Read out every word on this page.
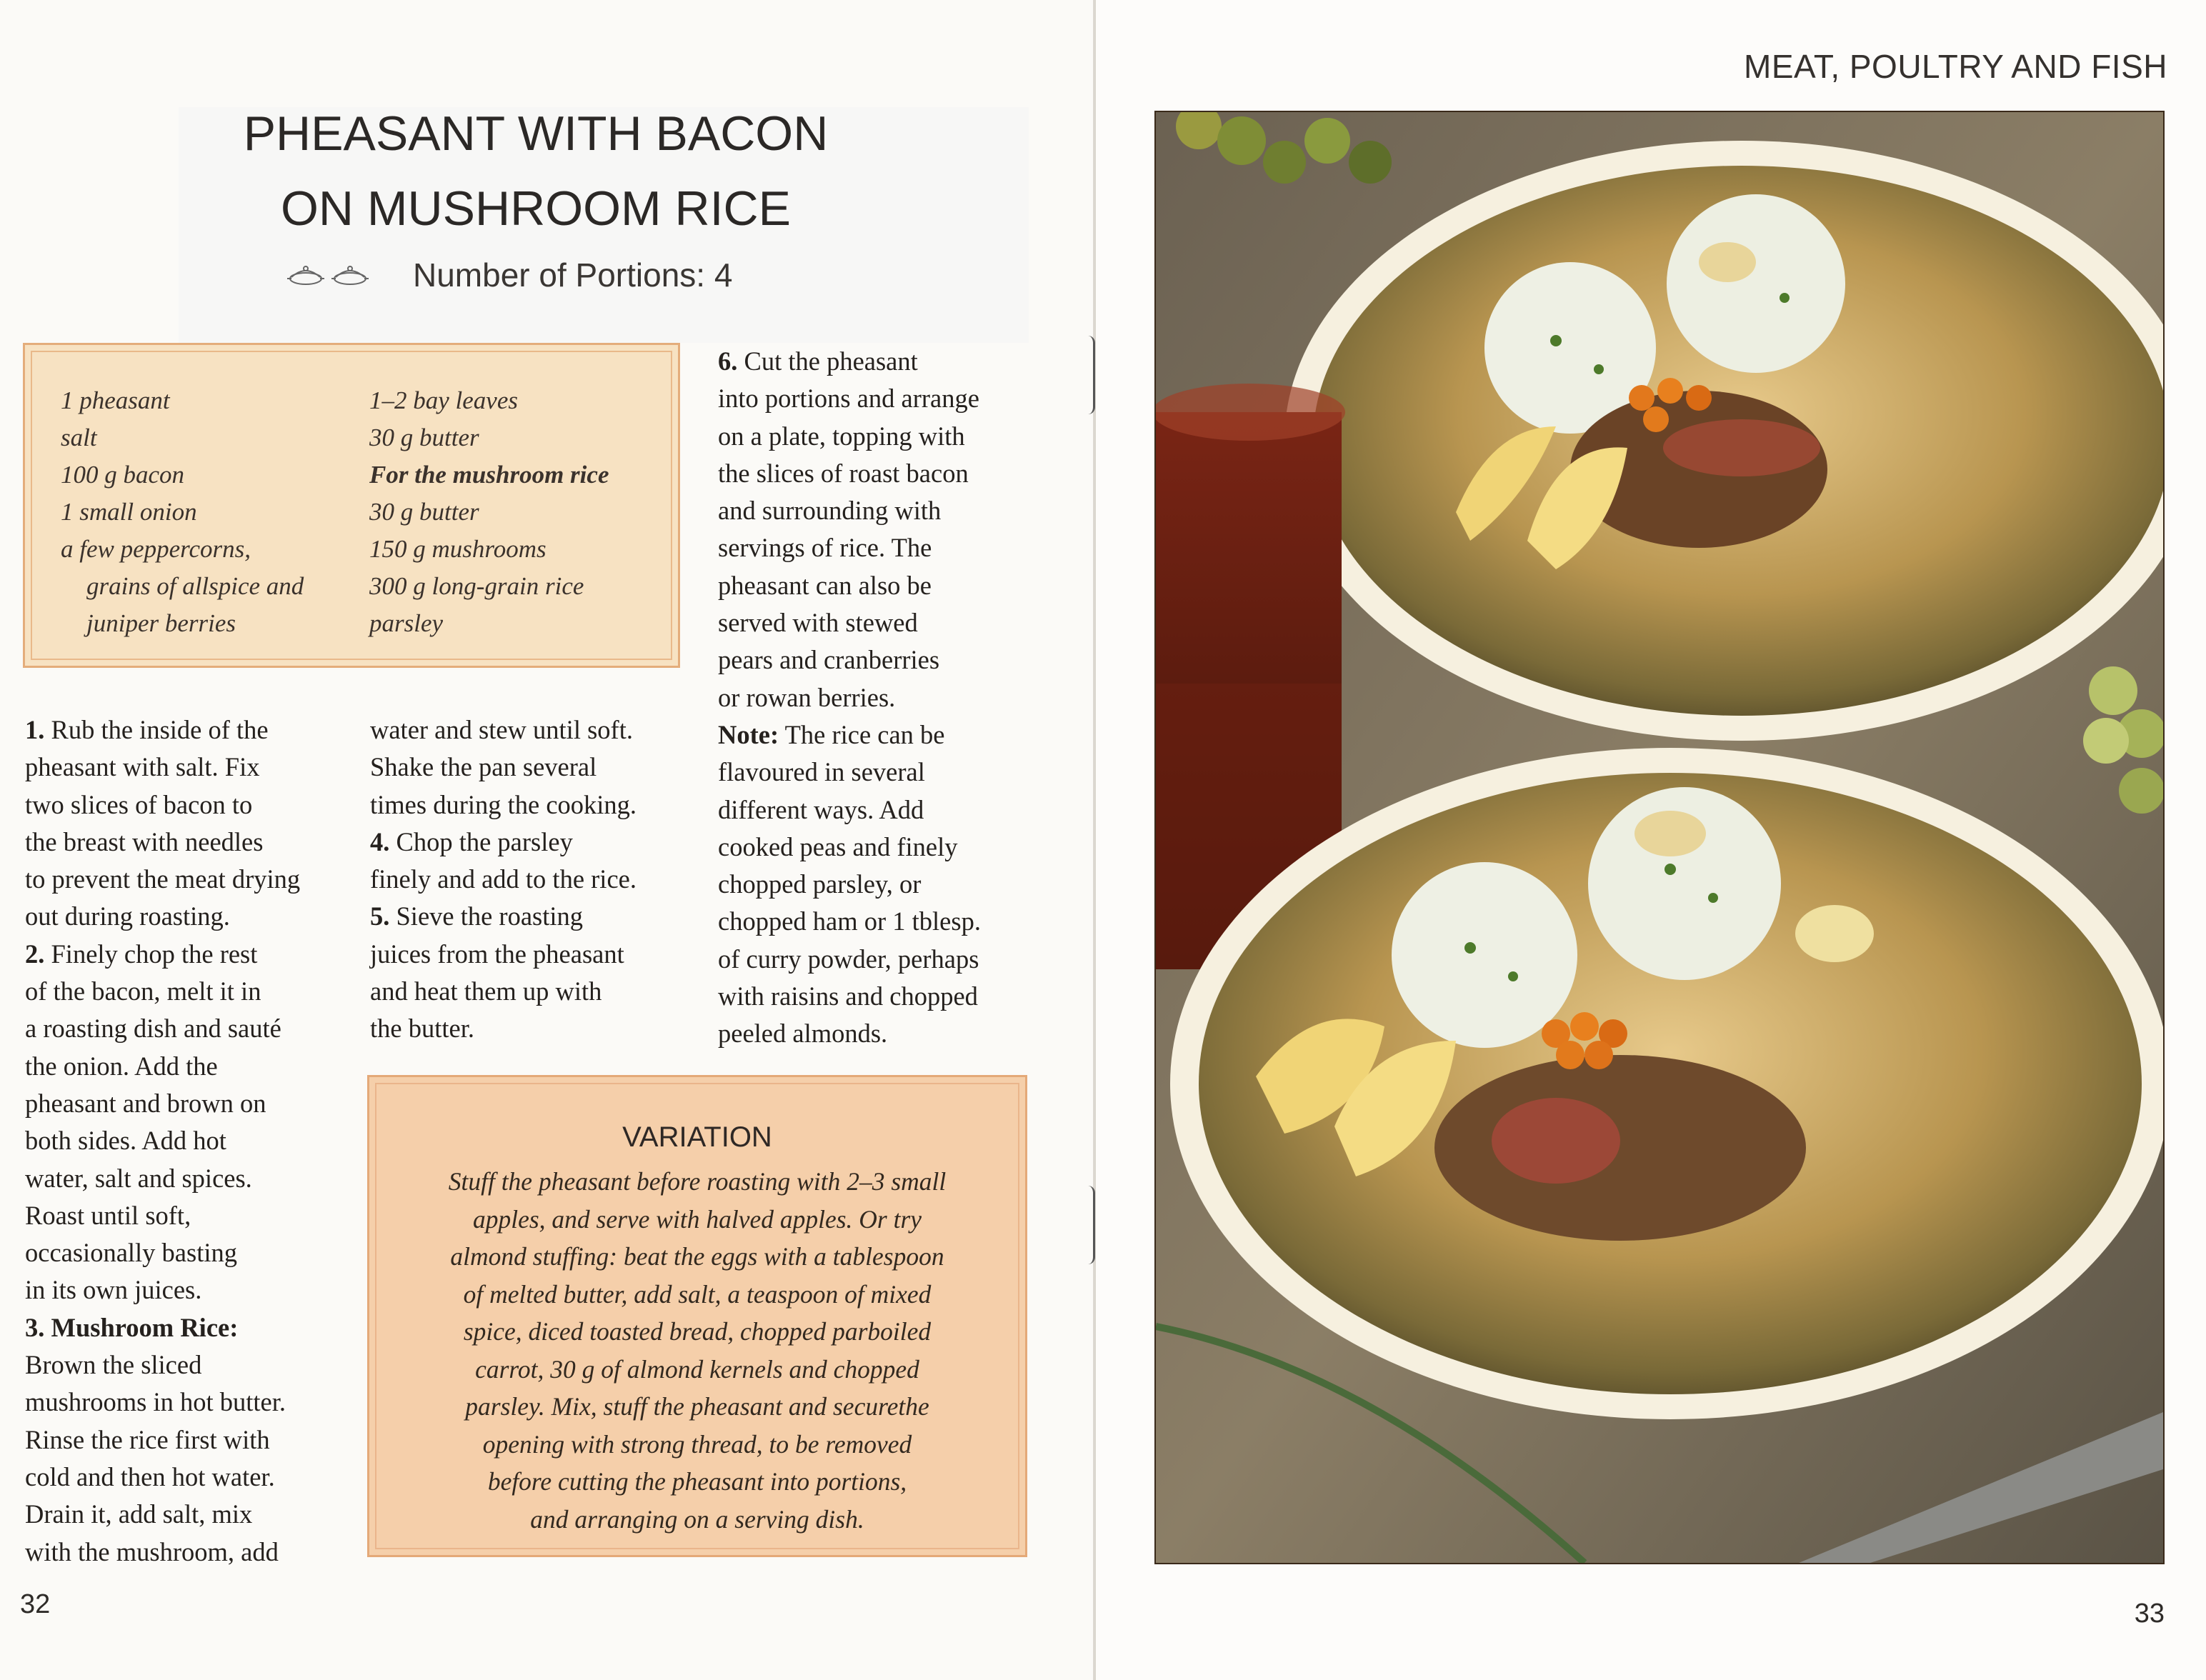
PHEASANT WITH BACON
ON MUSHROOM RICE
Number of Portions: 4
1 pheasant
salt
100 g bacon
1 small onion
a few peppercorns,
grains of allspice and
juniper berries
1–2 bay leaves
30 g butter
For the mushroom rice
30 g butter
150 g mushrooms
300 g long-grain rice
parsley

1. Rub the inside of the

pheasant with salt. Fix

two slices of bacon to

the breast with needles

to prevent the meat drying

out during roasting.

2. Finely chop the rest

of the bacon, melt it in

a roasting dish and sauté

the onion. Add the

pheasant and brown on

both sides. Add hot

water, salt and spices.

Roast until soft,

occasionally basting

in its own juices.

3. Mushroom Rice:

Brown the sliced

mushrooms in hot butter.

Rinse the rice first with

cold and then hot water.

Drain it, add salt, mix

with the mushroom, add

water and stew until soft.

Shake the pan several

times during the cooking.

4. Chop the parsley

finely and add to the rice.

5. Sieve the roasting

juices from the pheasant

and heat them up with

the butter.

6. Cut the pheasant

into portions and arrange

on a plate, topping with

the slices of roast bacon

and surrounding with

servings of rice. The

pheasant can also be

served with stewed

pears and cranberries

or rowan berries.

Note: The rice can be

flavoured in several

different ways. Add

cooked peas and finely

chopped parsley, or

chopped ham or 1 tblesp.

of curry powder, perhaps

with raisins and chopped

peeled almonds.

VARIATION
Stuff the pheasant before roasting with 2–3 small
apples, and serve with halved apples. Or try
almond stuffing: beat the eggs with a tablespoon
of melted butter, add salt, a teaspoon of mixed
spice, diced toasted bread, chopped parboiled
carrot, 30 g of almond kernels and chopped
parsley. Mix, stuff the pheasant and securethe
opening with strong thread, to be removed
before cutting the pheasant into portions,
and arranging on a serving dish.
32
MEAT, POULTRY AND FISH
33
